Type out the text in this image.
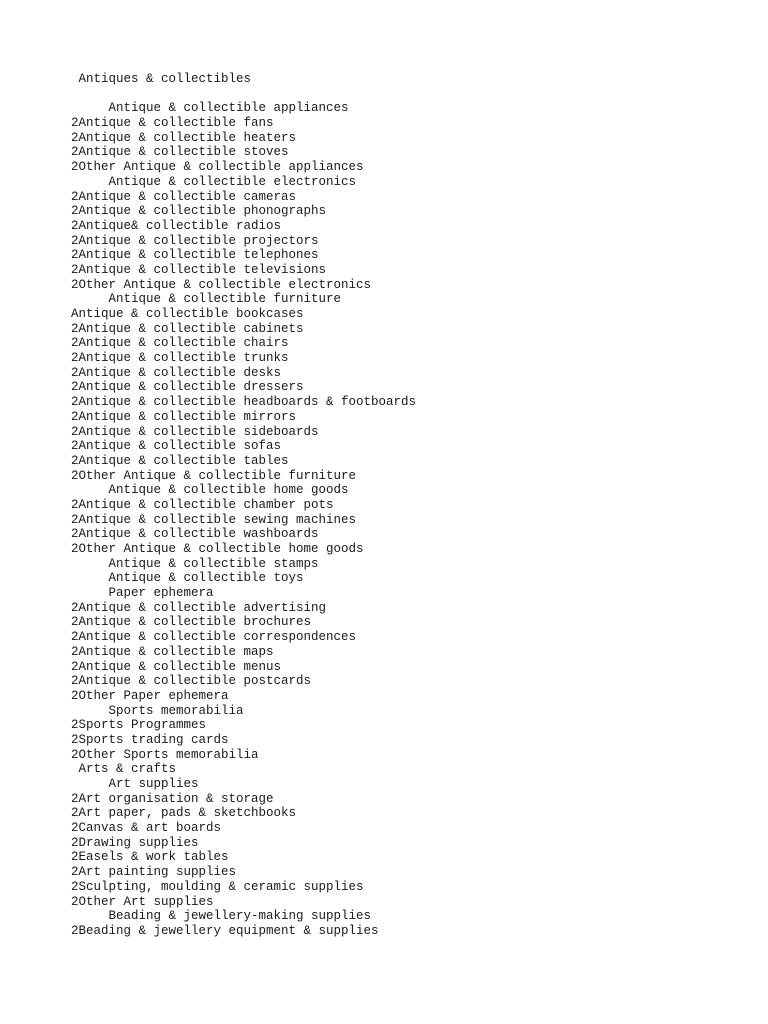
Antiques & collectibles
Antique & collectible appliances
2Antique & collectible fans
2Antique & collectible heaters
2Antique & collectible stoves
2Other Antique & collectible appliances
Antique & collectible electronics
2Antique & collectible cameras
2Antique & collectible phonographs
2Antique& collectible radios
2Antique & collectible projectors
2Antique & collectible telephones
2Antique & collectible televisions
2Other Antique & collectible electronics
Antique & collectible furniture
Antique & collectible bookcases
2Antique & collectible cabinets
2Antique & collectible chairs
2Antique & collectible trunks
2Antique & collectible desks
2Antique & collectible dressers
2Antique & collectible headboards & footboards
2Antique & collectible mirrors
2Antique & collectible sideboards
2Antique & collectible sofas
2Antique & collectible tables
2Other Antique & collectible furniture
Antique & collectible home goods
2Antique & collectible chamber pots
2Antique & collectible sewing machines
2Antique & collectible washboards
2Other Antique & collectible home goods
Antique & collectible stamps
Antique & collectible toys
Paper ephemera
2Antique & collectible advertising
2Antique & collectible brochures
2Antique & collectible correspondences
2Antique & collectible maps
2Antique & collectible menus
2Antique & collectible postcards
2Other Paper ephemera
Sports memorabilia
2Sports Programmes
2Sports trading cards
2Other Sports memorabilia
Arts & crafts
Art supplies
2Art organisation & storage
2Art paper, pads & sketchbooks
2Canvas & art boards
2Drawing supplies
2Easels & work tables
2Art painting supplies
2Sculpting, moulding & ceramic supplies
2Other Art supplies
Beading & jewellery-making supplies
2Beading & jewellery equipment & supplies
